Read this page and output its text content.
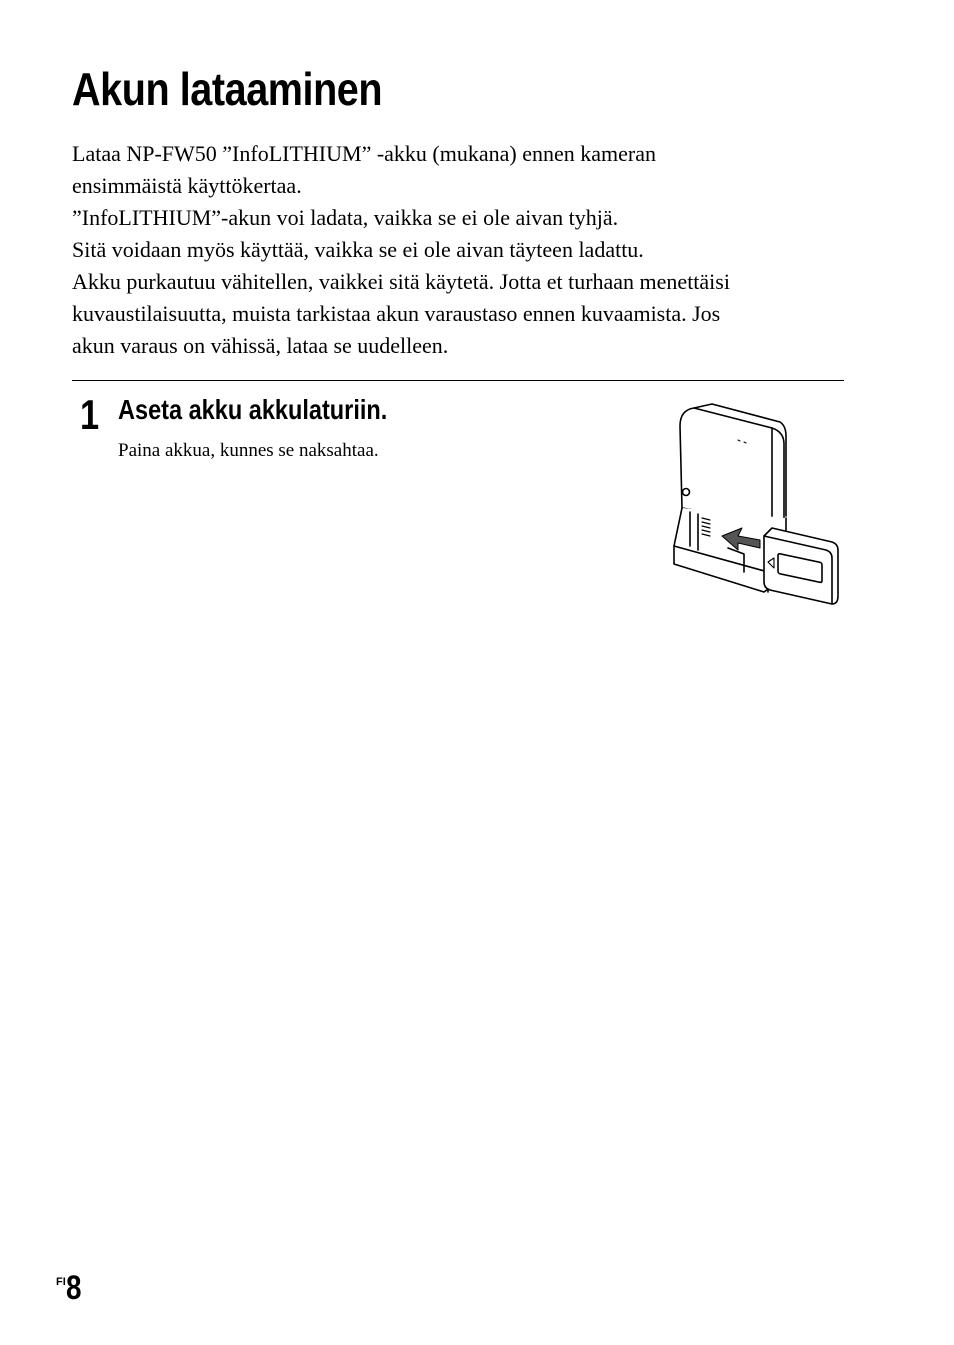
Akun lataaminen

Lataa NP-FW50 ”InfoLITHIUM” -akku (mukana) ennen kameran

ensimmäistä käyttökertaa.

”InfoLITHIUM”-akun voi ladata, vaikka se ei ole aivan tyhjä.

Sitä voidaan myös käyttää, vaikka se ei ole aivan täyteen ladattu.

Akku purkautuu vähitellen, vaikkei sitä käytetä. Jotta et turhaan menettäisi

kuvaustilaisuutta, muista tarkistaa akun varaustaso ennen kuvaamista. Jos

akun varaus on vähissä, lataa se uudelleen.

1 Aseta akku akkulaturiin.
Paina akkua, kunnes se naksahtaa.
$^{FI}$8
